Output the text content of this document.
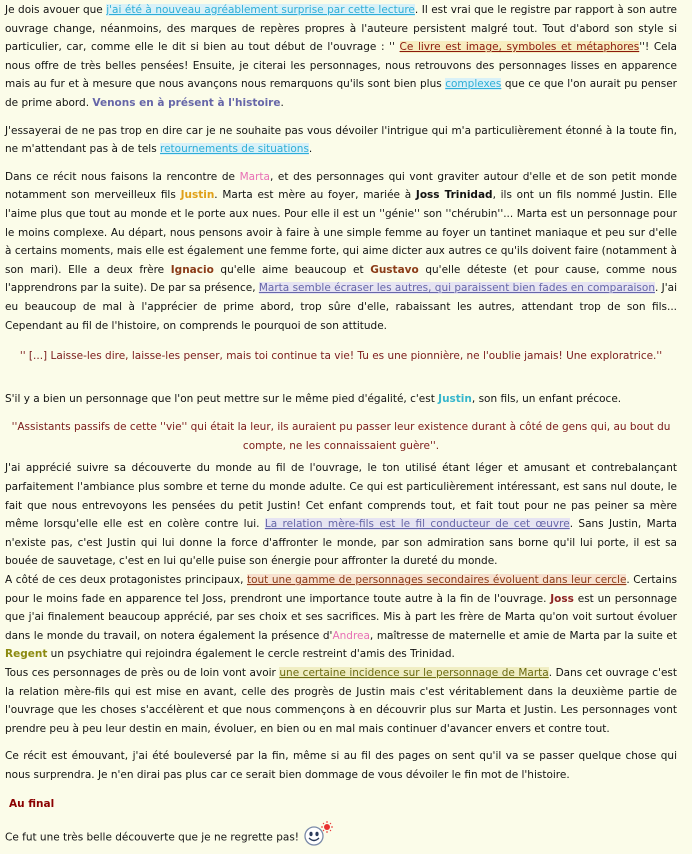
Je dois avouer que j'ai été à nouveau agréablement surprise par cette lecture. Il est vrai que le registre par rapport à son autre ouvrage change, néanmoins, des marques de repères propres à l'auteure persistent malgré tout. Tout d'abord son style si particulier, car, comme elle le dit si bien au tout début de l'ouvrage : '' Ce livre est image, symboles et métaphores''! Cela nous offre de très belles pensées! Ensuite, je citerai les personnages, nous retrouvons des personnages lisses en apparence mais au fur et à mesure que nous avançons nous remarquons qu'ils sont bien plus complexes que ce que l'on aurait pu penser de prime abord. Venons en à présent à l'histoire.

J'essayerai de ne pas trop en dire car je ne souhaite pas vous dévoiler l'intrigue qui m'a particulièrement étonné à la toute fin, ne m'attendant pas à de tels retournements de situations.

Dans ce récit nous faisons la rencontre de Marta, et des personnages qui vont graviter autour d'elle et de son petit monde notamment son merveilleux fils Justin. Marta est mère au foyer, mariée à Joss Trinidad, ils ont un fils nommé Justin. Elle l'aime plus que tout au monde et le porte aux nues. Pour elle il est un ''génie'' son ''chérubin''... Marta est un personnage pour le moins complexe. Au départ, nous pensons avoir à faire à une simple femme au foyer un tantinet maniaque et peu sur d'elle à certains moments, mais elle est également une femme forte, qui aime dicter aux autres ce qu'ils doivent faire (notamment à son mari). Elle a deux frère Ignacio qu'elle aime beaucoup et Gustavo qu'elle déteste (et pour cause, comme nous l'apprendrons par la suite). De par sa présence, Marta semble écraser les autres, qui paraissent bien fades en comparaison. J'ai eu beaucoup de mal à l'apprécier de prime abord, trop sûre d'elle, rabaissant les autres, attendant trop de son fils... Cependant au fil de l'histoire, on comprends le pourquoi de son attitude.

'' [...] Laisse-les dire, laisse-les penser, mais toi continue ta vie! Tu es une pionnière, ne l'oublie jamais! Une exploratrice.''

S'il y a bien un personnage que l'on peut mettre sur le même pied d'égalité, c'est Justin, son fils, un enfant précoce.

''Assistants passifs de cette ''vie'' qui était la leur, ils auraient pu passer leur existence durant à côté de gens qui, au bout du compte, ne les connaissaient guère''.

J'ai apprécié suivre sa découverte du monde au fil de l'ouvrage, le ton utilisé étant léger et amusant et contrebalançant parfaitement l'ambiance plus sombre et terne du monde adulte. Ce qui est particulièrement intéressant, est sans nul doute, le fait que nous entrevoyons les pensées du petit Justin! Cet enfant comprends tout, et fait tout pour ne pas peiner sa mère même lorsqu'elle elle est en colère contre lui. La relation mère-fils est le fil conducteur de cet œuvre. Sans Justin, Marta n'existe pas, c'est Justin qui lui donne la force d'affronter le monde, par son admiration sans borne qu'il lui porte, il est sa bouée de sauvetage, c'est en lui qu'elle puise son énergie pour affronter la dureté du monde.

A côté de ces deux protagonistes principaux, tout une gamme de personnages secondaires évoluent dans leur cercle. Certains pour le moins fade en apparence tel Joss, prendront une importance toute autre à la fin de l'ouvrage. Joss est un personnage que j'ai finalement beaucoup apprécié, par ses choix et ses sacrifices. Mis à part les frère de Marta qu'on voit surtout évoluer dans le monde du travail, on notera également la présence d'Andrea, maîtresse de maternelle et amie de Marta par la suite et Regent un psychiatre qui rejoindra également le cercle restreint d'amis des Trinidad.

Tous ces personnages de près ou de loin vont avoir une certaine incidence sur le personnage de Marta. Dans cet ouvrage c'est la relation mère-fils qui est mise en avant, celle des progrès de Justin mais c'est véritablement dans la deuxième partie de l'ouvrage que les choses s'accélèrent et que nous commençons à en découvrir plus sur Marta et Justin. Les personnages vont prendre peu à peu leur destin en main, évoluer, en bien ou en mal mais continuer d'avancer envers et contre tout.

Ce récit est émouvant, j'ai été bouleversé par la fin, même si au fil des pages on sent qu'il va se passer quelque chose qui nous surprendra. Je n'en dirai pas plus car ce serait bien dommage de vous dévoiler le fin mot de l'histoire.

Au final

Ce fut une très belle découverte que je ne regrette pas!
